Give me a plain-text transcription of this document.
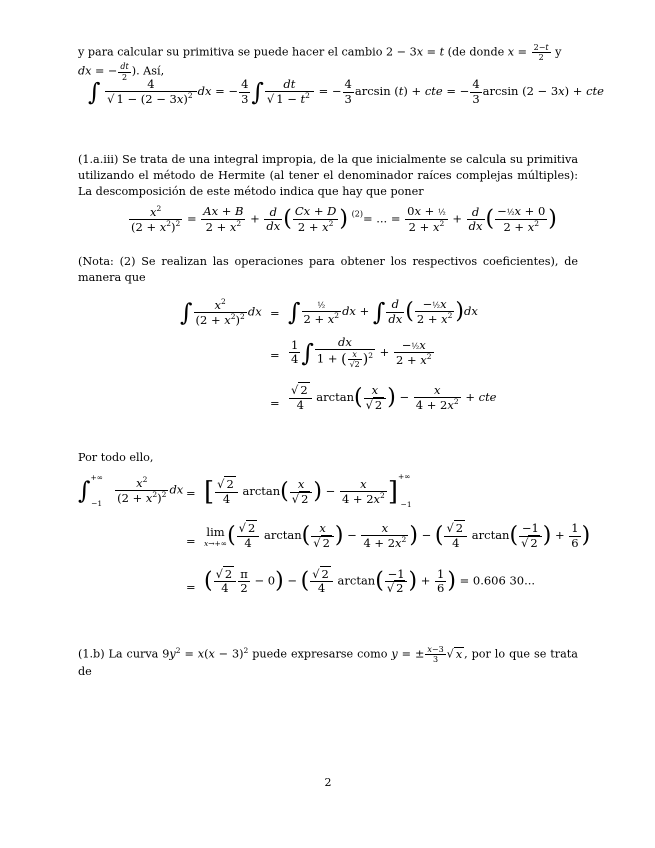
y para calcular su primitiva se puede hacer el cambio 2 − 3x = t (de donde $x = \frac{2-t}{2}$ y
dx = − $\frac{dt}{2}$ ). Así,
∫ $\frac{4}{√ 1 - (2 - 3x)^2}$ dx = − $\frac{4}{3}$ ∫ $\frac{dt}{√ 1 - t^2}$ = − $\frac{4}{3}$ arcsin (t) + cte = − $\frac{4}{3}$ arcsin (2 − 3x) + cte
(1.a.iii) Se trata de una integral impropia, de la que inicialmente se calcula su primitiva utilizando el método de Hermite (al tener el denominador raíces complejas múltiples): La descomposición de este método indica que hay que poner
$\frac{x^2}{(2 + x^2)^2} = \frac{Ax + B}{2 + x^2} + \frac{d}{dx}$ ( $\frac{Cx + D}{2 + x^2}$ ) $^{(2)}$= ... = $\frac{\text{0x + ½}}{2 + x^2} + \frac{d}{dx}$ ( $\frac{\text{−½x + 0}}{2 + x^2}$ )
(Nota: (2) Se realizan las operaciones para obtener los respectivos coeficientes), de manera que
∫ $\frac{x^2}{(2 + x^2)^2}$ dx = ∫ $\frac{\text{½}}{2 + x^2}$ dx + ∫ $\frac{d}{dx}$ ( $\frac{\text{−½x}}{2 + x^2} )dx$
= $\frac{1}{4}$ ∫ $\frac{dx}{1 + ( \frac{x}{√2} )^2} + \frac{\text{−½x}}{2 + x^2}$
= $\frac{√ 2}{4} \arctan( \frac{x}{√ 2}$ ) − $\frac{x}{4 + 2x^2}$ + cte
Por todo ello,
$\int^{+\infty}_{-1} \frac{x^2}{(2 + x^2)^2}$ dx = [ $\frac{√ 2}{4} \arctan( \frac{x}{√ 2}$ ) − $\frac{x}{4 + 2x^2} ]^{+\infty}_{-1}$
=
lim
x→+∞ ( $\frac{√ 2}{4} \arctan( \frac{x}{√ 2}$ ) − $\frac{x}{4 + 2x^2}$ ) − ( $\frac{√ 2}{4} \arctan( \frac{-1}{√ 2}$ ) + $\frac{1}{6}$ )
= ( $\frac{√ 2}{4} \frac{\pi}{2} - 0$) − ( $\frac{√ 2}{4} \arctan( \frac{-1}{√ 2}$ ) + $\frac{1}{6}$ ) = 0.606 30...
(1.b) La curva $9y^2 = x(x - 3)^2$ puede expresarse como y = ± $\frac{x-3}{3}$ √ x , por lo que se trata de
2
